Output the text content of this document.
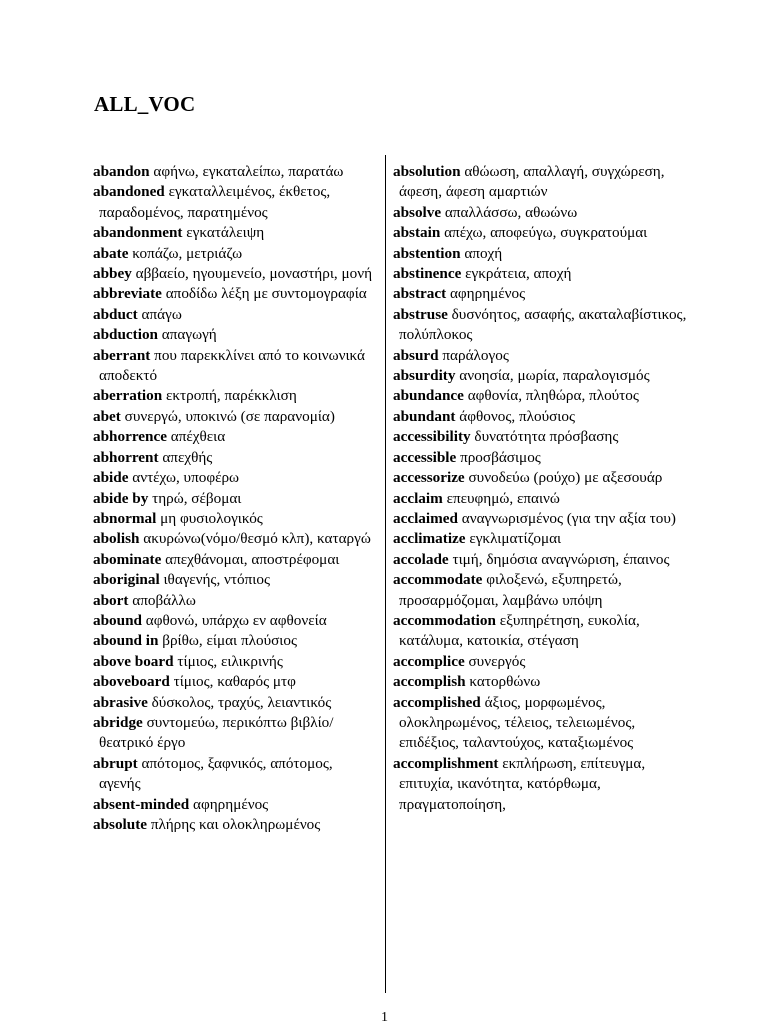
ALL_VOC
abandon αφήνω, εγκαταλείπω, παρατάω
abandoned εγκαταλλειμένος, έκθετος, παραδομένος, παρατημένος
abandonment εγκατάλειψη
abate κοπάζω, μετριάζω
abbey αββαείο, ηγουμενείο, μοναστήρι, μονή
abbreviate αποδίδω λέξη με συντομογραφία
abduct απάγω
abduction απαγωγή
aberrant που παρεκκλίνει από το κοινωνικά αποδεκτό
aberration εκτροπή, παρέκκλιση
abet συνεργώ, υποκινώ (σε παρανομία)
abhorrence απέχθεια
abhorrent απεχθής
abide αντέχω, υποφέρω
abide by τηρώ, σέβομαι
abnormal μη φυσιολογικός
abolish ακυρώνω(νόμο/θεσμό κλπ), καταργώ
abominate απεχθάνομαι, αποστρέφομαι
aboriginal ιθαγενής, ντόπιος
abort αποβάλλω
abound αφθονώ, υπάρχω εν αφθονεία
abound in βρίθω, είμαι πλούσιος
above board τίμιος, ειλικρινής
aboveboard τίμιος, καθαρός μτφ
abrasive δύσκολος, τραχύς, λειαντικός
abridge συντομεύω, περικόπτω βιβλίο/θεατρικό έργο
abrupt απότομος, ξαφνικός, απότομος, αγενής
absent-minded αφηρημένος
absolute πλήρης και ολοκληρωμένος
absolution αθώωση, απαλλαγή, συγχώρεση, άφεση, άφεση αμαρτιών
absolve απαλλάσσω, αθωώνω
abstain απέχω, αποφεύγω, συγκρατούμαι
abstention αποχή
abstinence εγκράτεια, αποχή
abstract αφηρημένος
abstruse δυσνόητος, ασαφής, ακαταλαβίστικος, πολύπλοκος
absurd παράλογος
absurdity ανοησία, μωρία, παραλογισμός
abundance αφθονία, πληθώρα, πλούτος
abundant άφθονος, πλούσιος
accessibility δυνατότητα πρόσβασης
accessible προσβάσιμος
accessorize συνοδεύω (ρούχο) με αξεσουάρ
acclaim επευφημώ, επαινώ
acclaimed αναγνωρισμένος (για την αξία του)
acclimatize εγκλιματίζομαι
accolade τιμή, δημόσια αναγνώριση, έπαινος
accommodate φιλοξενώ, εξυπηρετώ, προσαρμόζομαι, λαμβάνω υπόψη
accommodation εξυπηρέτηση, ευκολία, κατάλυμα, κατοικία, στέγαση
accomplice συνεργός
accomplish κατορθώνω
accomplished άξιος, μορφωμένος, ολοκληρωμένος, τέλειος, τελειωμένος, επιδέξιος, ταλαντούχος, καταξιωμένος
accomplishment εκπλήρωση, επίτευγμα, επιτυχία, ικανότητα, κατόρθωμα, πραγματοποίηση,
1
